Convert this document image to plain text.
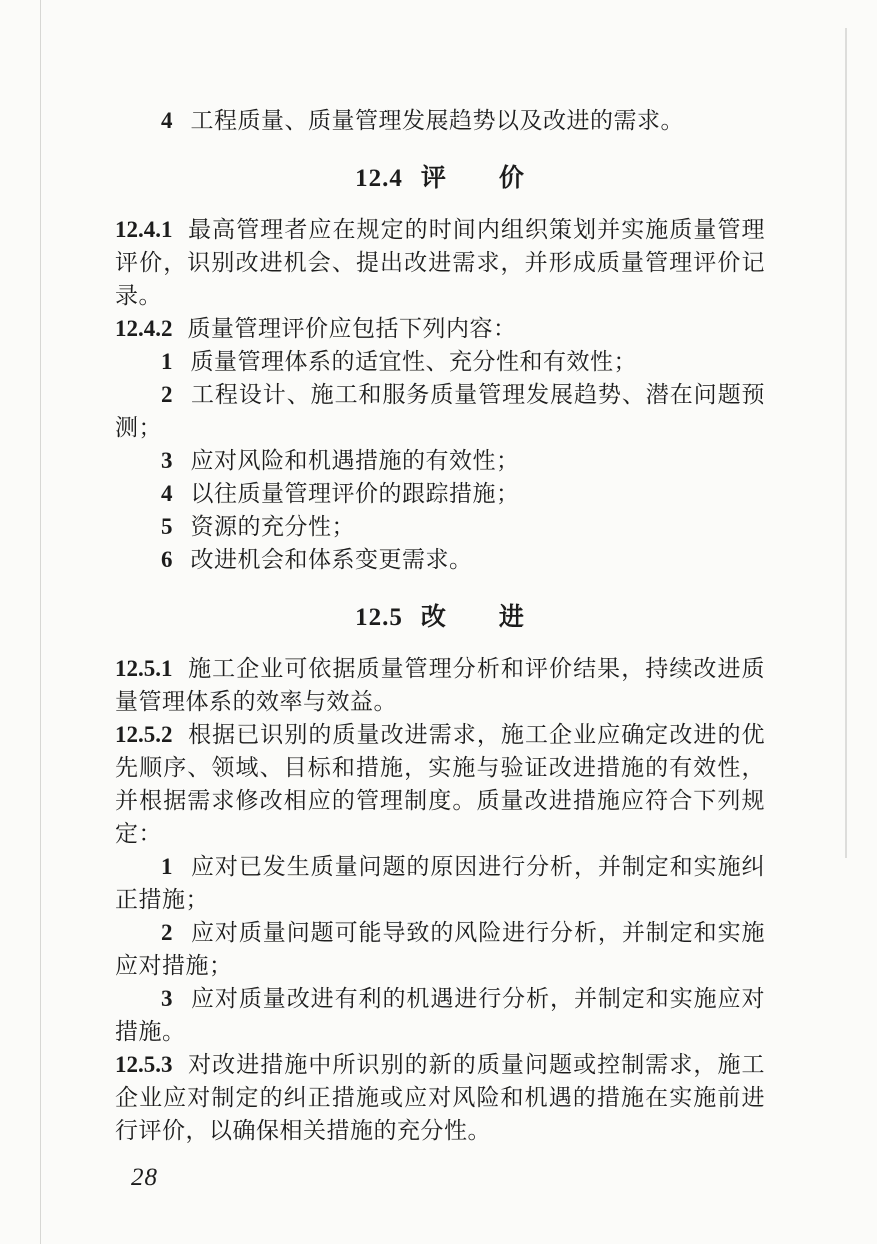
4 工程质量、质量管理发展趋势以及改进的需求。

12.4 评　　价

12.4.1 最高管理者应在规定的时间内组织策划并实施质量管理评价，识别改进机会、提出改进需求，并形成质量管理评价记录。

12.4.2 质量管理评价应包括下列内容：

1 质量管理体系的适宜性、充分性和有效性；

2 工程设计、施工和服务质量管理发展趋势、潜在问题预测；

3 应对风险和机遇措施的有效性；

4 以往质量管理评价的跟踪措施；

5 资源的充分性；

6 改进机会和体系变更需求。

12.5 改　　进

12.5.1 施工企业可依据质量管理分析和评价结果，持续改进质量管理体系的效率与效益。

12.5.2 根据已识别的质量改进需求，施工企业应确定改进的优先顺序、领域、目标和措施，实施与验证改进措施的有效性，并根据需求修改相应的管理制度。质量改进措施应符合下列规定：

1 应对已发生质量问题的原因进行分析，并制定和实施纠正措施；

2 应对质量问题可能导致的风险进行分析，并制定和实施应对措施；

3 应对质量改进有利的机遇进行分析，并制定和实施应对措施。

12.5.3 对改进措施中所识别的新的质量问题或控制需求，施工企业应对制定的纠正措施或应对风险和机遇的措施在实施前进行评价，以确保相关措施的充分性。

28
